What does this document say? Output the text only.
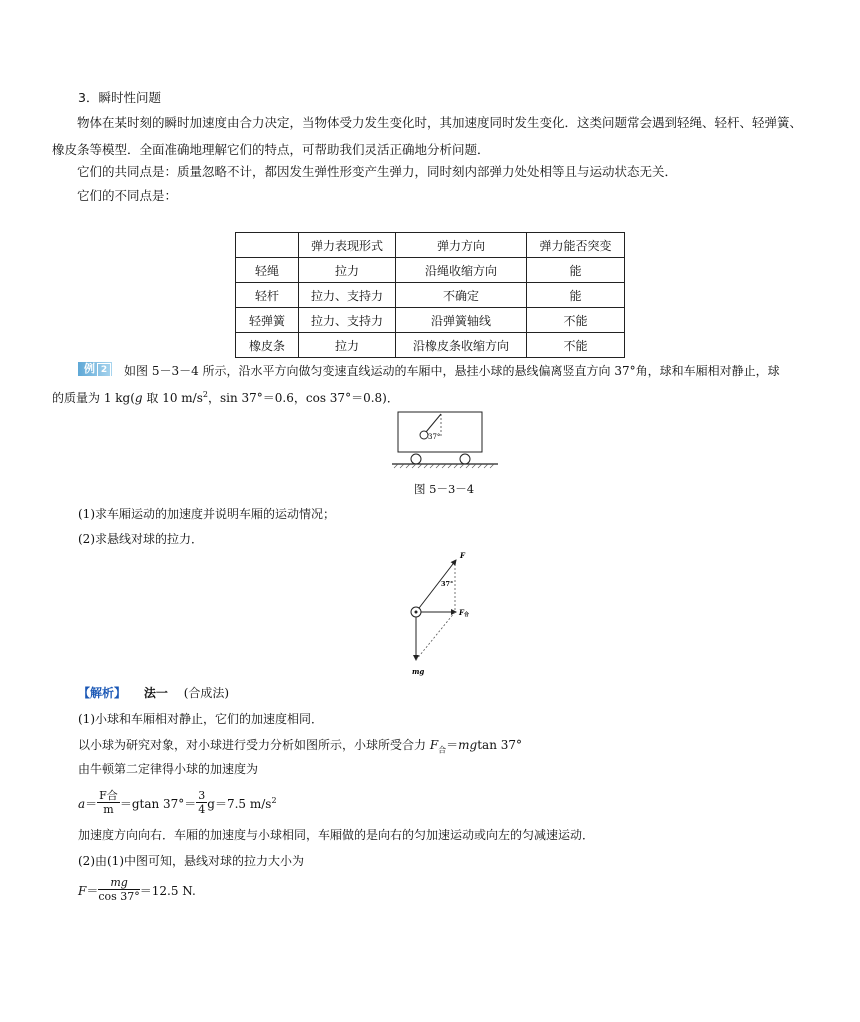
3．瞬时性问题
物体在某时刻的瞬时加速度由合力决定，当物体受力发生变化时，其加速度同时发生变化．这类问题常会遇到轻绳、轻杆、轻弹簧、橡皮条等模型．全面准确地理解它们的特点，可帮助我们灵活正确地分析问题．
它们的共同点是：质量忽略不计，都因发生弹性形变产生弹力，同时刻内部弹力处处相等且与运动状态无关．
它们的不同点是：
	弹力表现形式	弹力方向	弹力能否突变
轻绳	拉力	沿绳收缩方向	能
轻杆	拉力、支持力	不确定	能
轻弹簧	拉力、支持力	沿弹簧轴线	不能
橡皮条	拉力	沿橡皮条收缩方向	不能
例 2	如图 5－3－4 所示，沿水平方向做匀变速直线运动的车厢中，悬挂小球的悬线偏离竖直方向 37°角，球和车厢相对静止，球
的质量为 1 kg(g 取 10 $m/s^2$，sin 37°＝0.6，cos 37°＝0.8)．
37°
图 5－3－4
(1)求车厢运动的加速度并说明车厢的运动情况；
(2)求悬线对球的拉力．
F
37°
F合
mg
【解析】 法一 (合成法)
(1)小球和车厢相对静止，它们的加速度相同．
以小球为研究对象，对小球进行受力分析如图所示，小球所受合力 $F_合=mgtan$ 37°
由牛顿第二定律得小球的加速度为
$a= \frac{\text{F合}}{m} =gtan$ $37^\circ= \frac{3}{4} g=7.5$ $m/s^2$
加速度方向向右．车厢的加速度与小球相同，车厢做的是向右的匀加速运动或向左的匀减速运动．
(2)由(1)中图可知，悬线对球的拉力大小为
$F= \frac{mg}{\cos 37^\circ} =12.5$ N.
